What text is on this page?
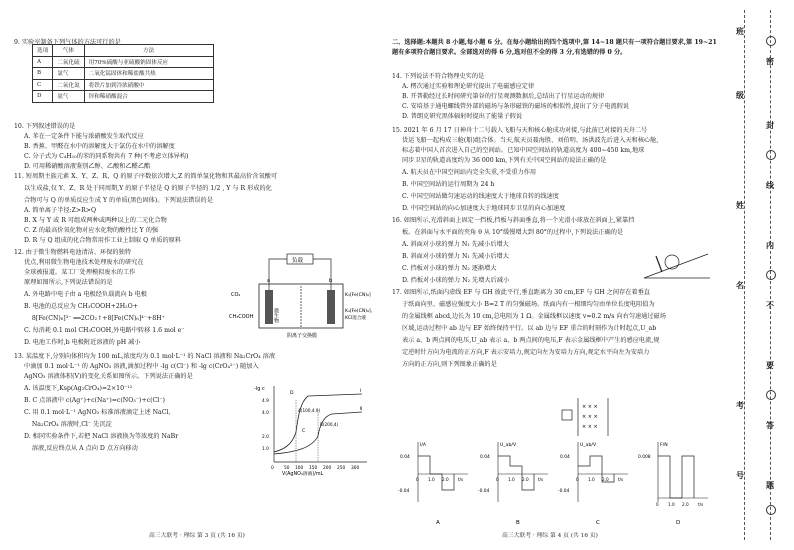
9. 实验室制备下列气体的方法可行的是
选项	气体	方法
A	二氧化硫	用70%硫酸与亚硫酸钠固体反应
B	氯气	二氧化锰固体和稀盐酸共热
C	二氧化氮	将铁片加到冷浓硝酸中
D	氨气	锌和稀硝酸混合
10. 下列叙述错误的是
A. 苯在一定条件下能与浓硝酸发生取代反应
B. 香蕉、甲醛在水中的溶解度大于氯仿在水中的溶解度
C. 分子式为 C₄H₁₀的苯的同系物共有 7 种(不考虑立体异构)
D. 可用稀硝酸溶液鉴别乙醇、乙酸和乙醛乙酯
11. 短周期主族元素 X、Y、Z、R、Q 的原子序数依次增大,Z 的简单氢化物和其最高价含氧酸可
以生成盐,仅 Y、Z、R 处于同周期,Y 的原子半径是 Q 的原子半径的 1/2 , Y 与 R 形成的化
合物可与 Q 的单质反应生成 Y 的单质(黑色固体)。下列说法错误的是
A. 简单离子半径:Z>R>Q
B. X 与 Y 或 R 可组成两种或两种以上的二元化合物
C. Z 的最高价氧化物对应水化物的酸性比 Y 的强
D. R 与 Q 组成的化合物常用作工业上制取 Q 单质的原料
12. 由于微生物燃料电池清洁、环保的独特
优点,利用微生物电池技术处理废水的研究在
全球被报道。某工厂处理模拟废水的工作
原理如图所示,下列说法错误的是
A. 外电路中电子由 a 电极经负载流向 b 电极
B. 电池的总反应为 CH₃COOH+2H₂O+
8[Fe(CN)₆]³⁻ ══2CO₂↑+8[Fe(CN)₆]⁴⁻+8H⁺
C. 每消耗 0.1 mol CH₃COOH,外电路中转移 1.6 mol e⁻
D. 电池工作时,b 电极附近溶液的 pH 减小
负载
微生物
a	b
CO₂
CH₃COOH
K₃[Fe(CN)₆]
K₄[Fe(CN)₆]、
KCl混合液
阴离子交换膜
13. 某温度下,分别向体积均为 100 mL,浓度均为 0.1 mol·L⁻¹ 的 NaCl 溶液和 Na₂CrO₄ 溶液
中滴加 0.1 mol·L⁻¹ 的 AgNO₃ 溶液,滴加过程中 -lg c(Cl⁻) 和 -lg c(CrO₄²⁻) 随加入
AgNO₃ 溶液体积(V)的变化关系如图所示。下列说法正确的是
A. 该温度下,Ksp(Ag₂CrO₄)=2×10⁻¹²
B. C 点溶液中 c(Ag⁺)+c(Na⁺)=c(NO₃⁻)+c(Cl⁻)
C. 用 0.1 mol·L⁻¹ AgNO₃ 标准溶液滴定上述 NaCl、
Na₂CrO₄ 溶液时,Cl⁻ 先沉淀
D. 相同实验条件下,若把 NaCl 溶液换为等浓度的 NaBr
溶液,反应终点从 A 点向 D 点方向移动
-lg c
V(AgNO₃溶液)/mL
0 50 100 150 200 250 300
4.9
4.0
2.0
1.0
D
C
A(100,4.9)
B(200,4)
Ⅰ
Ⅱ
高三大联考 · 理综 第 3 页 (共 16 页)
二、选择题:本题共 8 小题,每小题 6 分。在每小题给出的四个选项中,第 14~18 题只有一项符合题目要求,第 19~21 题有多项符合题目要求。全部选对的得 6 分,选对但不全的得 3 分,有选错的得 0 分。
14. 下列说法不符合物理史实的是
A. 楞次通过实验和理论研究提出了电磁感应定律
B. 开普勒经过长时间研究第谷的行星观测数据后,总结出了行星运动的规律
C. 安培基于通电螺线管外部的磁场与条形磁铁的磁场的相似性,提出了分子电流假说
D. 普朗克研究黑体辐射时提出了能量子假说
15. 2021 年 6 月 17 日神舟十二号载人飞船与天和核心舱成功对接,与此前已对接的天舟二号
货运飞船一起构成三舱(船)组合体。当天,航天员聂海胜、刘伯明、汤洪波先后进入天和核心舱,
标志着中国人首次进入自己的空间站。已知中国空间站的轨道高度为 400~450 km,地球
同步卫星的轨道高度约为 36 000 km,下列有关中国空间站的说法正确的是
A. 航天员在中国空间站内完全失重,不受重力作用
B. 中国空间站的运行周期为 24 h
C. 中国空间站做匀速运动的线速度大于地球自转的线速度
D. 中国空间站的向心加速度大于地球同步卫星的向心加速度
16. 如图所示,光滑斜面上固定一挡板,挡板与斜面垂直,将一个光滑小球放在斜面上,紧靠挡
板。在斜面与水平面的夹角 θ 从 10°缓慢增大到 80°的过程中,下列说法正确的是
A. 斜面对小球的弹力 N₁ 先减小后增大
B. 斜面对小球的弹力 N₁ 先减小后增大
C. 挡板对小球的弹力 N₂ 逐渐增大
D. 挡板对小球的弹力 N₂ 先增大后减小
17. 如图所示,纸面内虚线 EF 与 GH 彼此平行,垂直距离为 30 cm,EF 与 GH 之间存在着垂直
于纸面向里、磁感应强度大小 B=2 T 的匀强磁场。纸面内有一根细均匀由单位长度电阻值为
的金属线框 abcd,边长为 10 cm,总电阻为 1 Ω。金属线框以速度 v=0.2 m/s 向右匀速通过磁场
区域,运动过程中 ab 边与 EF 始终保持平行。以 ab 边与 EF 重合的时刻作为计时起点,U_ab
表示 a、b 两点间的电压,U_ab 表示 a、b 两点间的电压,F 表示金属线框中产生的感应电流,规
定逆时针方向为电流的正方向,F 表示安培力,规定向左为安培力方向,观定水平向左为安培力
方向的正方向,则下列图象正确的是
× × ×
× × ×
× × ×
I/A
0.04
-0.04
0 1.0 2.0 t/s
A
U_ab/V
0.04
-0.04
0 1.0 2.0 t/s
B
U_ab/V
0.04
-0.04
0 1.0 2.0 t/s
C
F/N
0.008
0 1.0 2.0 t/s
D
高三大联考 · 理综 第 4 页 (共 16 页)
班
级
姓
名
考
号
密
封
线
内
不
要
答
题
